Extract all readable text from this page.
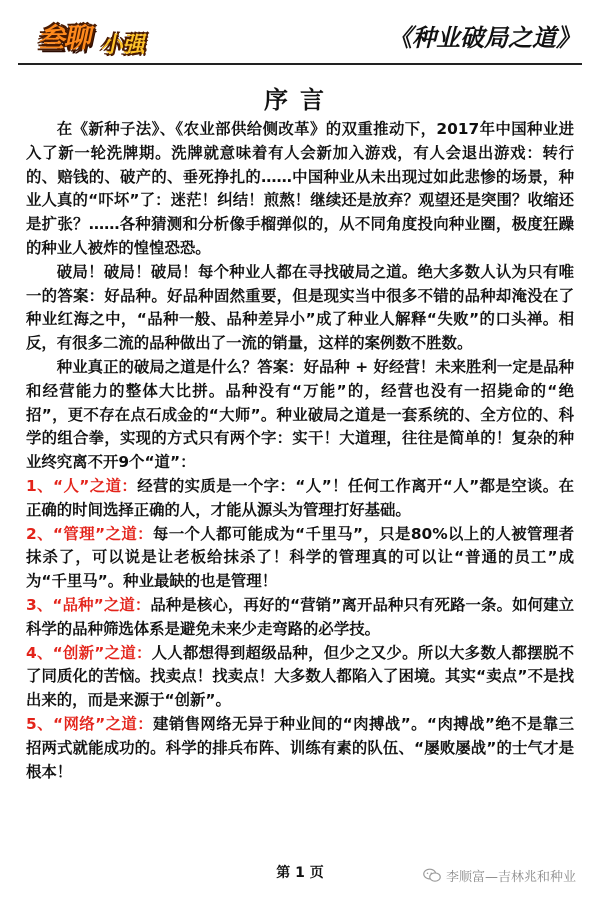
叁聊 小强	《种业破局之道》
序言

在《新种子法》、《农业部供给侧改革》的双重推动下，2017年中国种业进入了新一轮洗牌期。洗牌就意味着有人会新加入游戏，有人会退出游戏：转行的、赔钱的、破产的、垂死挣扎的……中国种业从未出现过如此悲惨的场景，种业人真的“吓坏”了：迷茫！纠结！煎熬！继续还是放弃？观望还是突围？收缩还是扩张？……各种猜测和分析像手榴弹似的，从不同角度投向种业圈，极度狂躁的种业人被炸的惶惶恐恐。

破局！破局！破局！每个种业人都在寻找破局之道。绝大多数人认为只有唯一的答案：好品种。好品种固然重要，但是现实当中很多不错的品种却淹没在了种业红海之中，“品种一般、品种差异小”成了种业人解释“失败”的口头禅。相反，有很多二流的品种做出了一流的销量，这样的案例数不胜数。

种业真正的破局之道是什么？答案：好品种 + 好经营！未来胜利一定是品种和经营能力的整体大比拼。品种没有“万能”的，经营也没有一招毙命的“绝招”，更不存在点石成金的“大师”。种业破局之道是一套系统的、全方位的、科学的组合拳，实现的方式只有两个字：实干！大道理，往往是简单的！复杂的种业终究离不开9个“道”：

1、“人”之道：经营的实质是一个字：“人”！任何工作离开“人”都是空谈。在正确的时间选择正确的人，才能从源头为管理打好基础。
2、“管理”之道：每一个人都可能成为“千里马”，只是80%以上的人被管理者抹杀了，可以说是让老板给抹杀了！科学的管理真的可以让“普通的员工”成为“千里马”。种业最缺的也是管理！
3、“品种”之道：品种是核心，再好的“营销”离开品种只有死路一条。如何建立科学的品种筛选体系是避免未来少走弯路的必学技。
4、“创新”之道：人人都想得到超级品种，但少之又少。所以大多数人都摆脱不了同质化的苦恼。找卖点！找卖点！大多数人都陷入了困境。其实“卖点”不是找出来的，而是来源于“创新”。
5、“网络”之道：建销售网络无异于种业间的“肉搏战”。“肉搏战”绝不是靠三招两式就能成功的。科学的排兵布阵、训练有素的队伍、“屡败屡战”的士气才是根本！
第 1 页	李顺富—吉林兆和种业
